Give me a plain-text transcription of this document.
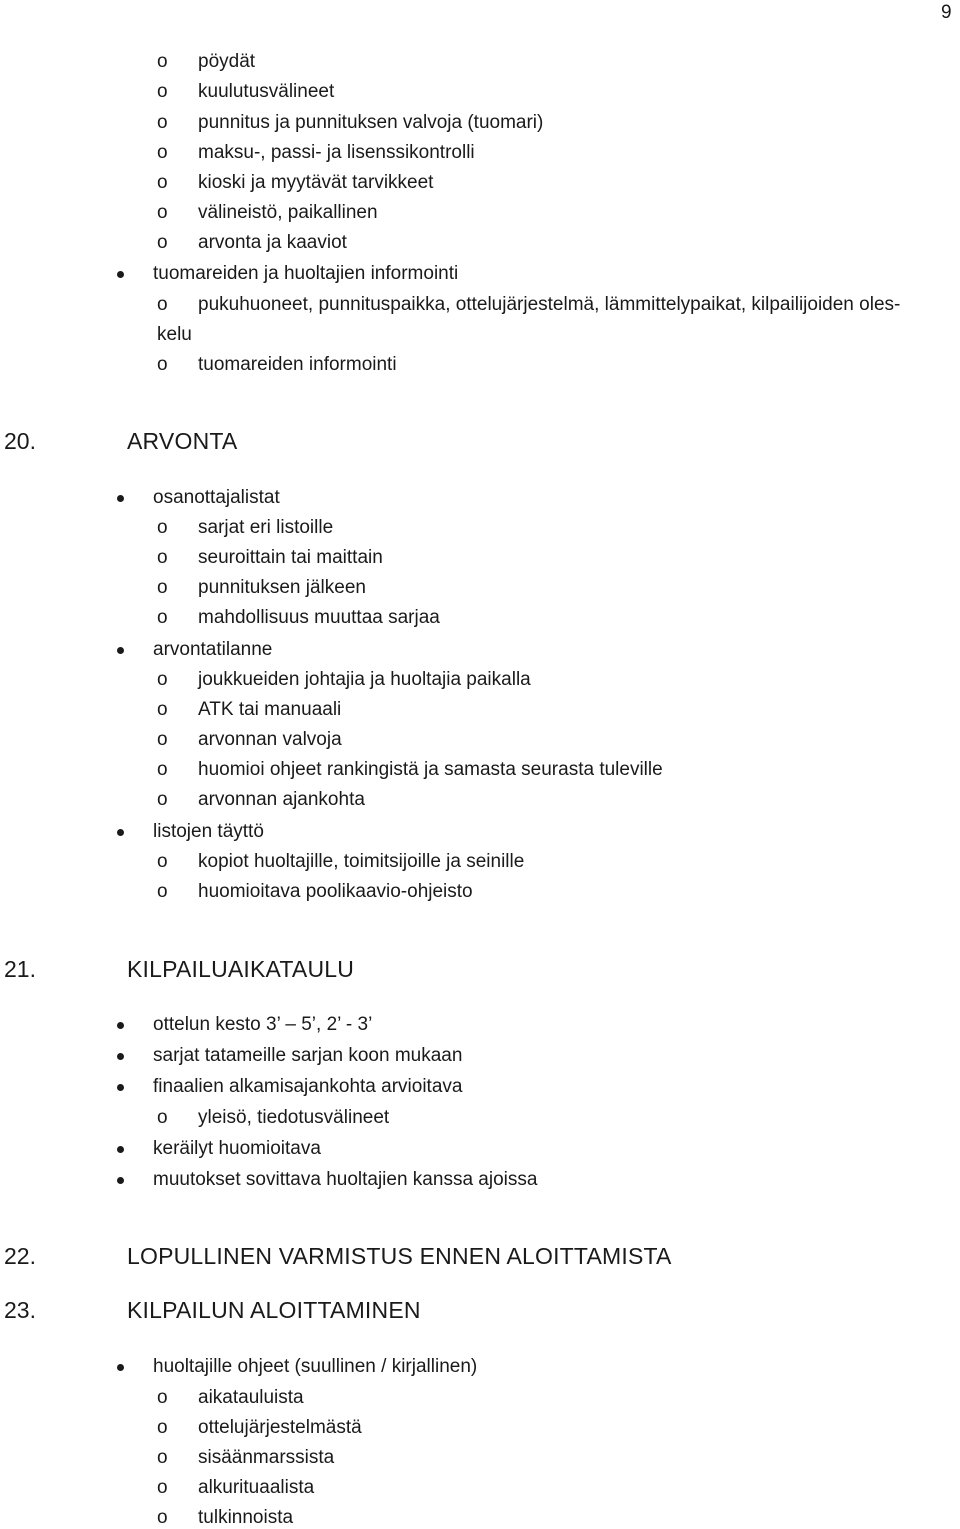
9
o pöydät
o kuulutusvälineet
o punnitus ja punnituksen valvoja (tuomari)
o maksu-, passi- ja lisenssikontrolli
o kioski ja myytävät tarvikkeet
o välineistö, paikallinen
o arvonta ja kaaviot
tuomareiden ja huoltajien informointi
o pukuhuoneet, punnituspaikka, ottelujärjestelmä, lämmittelypaikat, kilpailijoiden oles-
kelu
o tuomareiden informointi
20.	ARVONTA
osanottajalistat
o sarjat eri listoille
o seuroittain tai maittain
o punnituksen jälkeen
o mahdollisuus muuttaa sarjaa
arvontatilanne
o joukkueiden johtajia ja huoltajia paikalla
o ATK tai manuaali
o arvonnan valvoja
o huomioi ohjeet rankingistä ja samasta seurasta tuleville
o arvonnan ajankohta
listojen täyttö
o kopiot huoltajille, toimitsijoille ja seinille
o huomioitava poolikaavio-ohjeisto
21.	KILPAILUAIKATAULU
ottelun kesto 3’ – 5’, 2’ - 3’
sarjat tatameille sarjan koon mukaan
finaalien alkamisajankohta arvioitava
o yleisö, tiedotusvälineet
keräilyt huomioitava
muutokset sovittava huoltajien kanssa ajoissa
22.	LOPULLINEN VARMISTUS ENNEN ALOITTAMISTA
23.	KILPAILUN ALOITTAMINEN
huoltajille ohjeet (suullinen / kirjallinen)
o aikatauluista
o ottelujärjestelmästä
o sisäänmarssista
o alkurituaalista
o tulkinnoista
